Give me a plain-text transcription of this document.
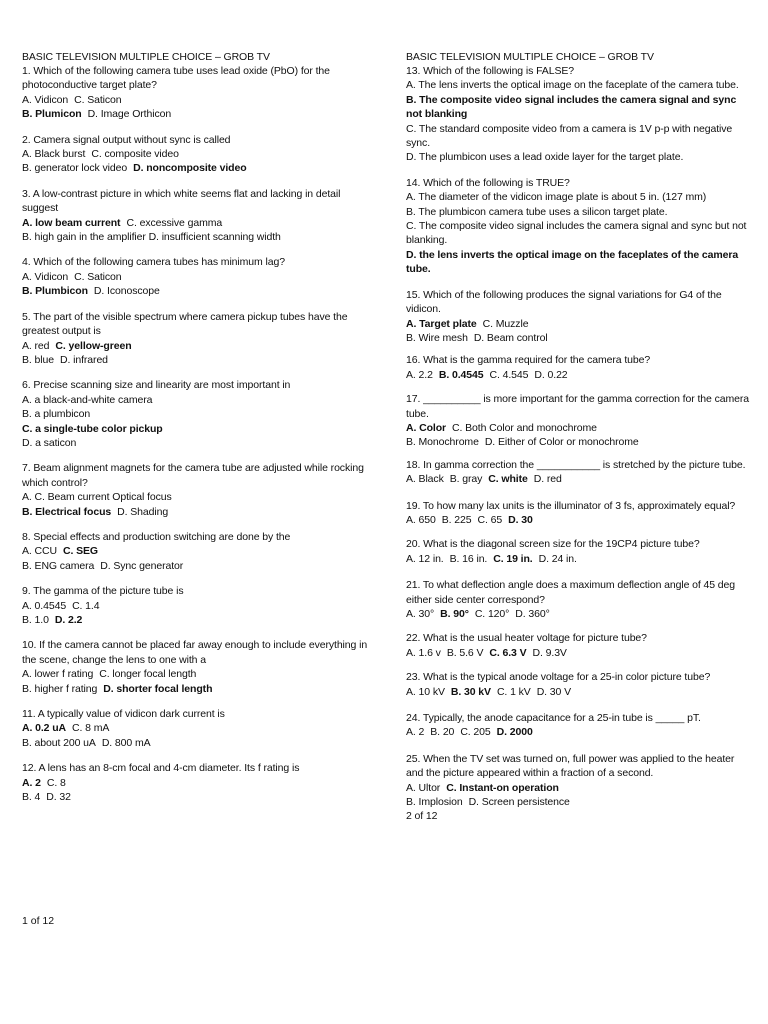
BASIC TELEVISION MULTIPLE CHOICE – GROB TV

1. Which of the following camera tube uses lead oxide (PbO) for the photoconductive target plate?

A. Vidicon C. Saticon
B. Plumicon D. Image Orthicon

2. Camera signal output without sync is called

A. Black burst C. composite video
B. generator lock video D. noncomposite video

3. A low-contrast picture in which white seems flat and lacking in detail suggest

A. low beam current C. excessive gamma
B. high gain in the amplifier D. insufficient scanning width

4. Which of the following camera tubes has minimum lag?

A. Vidicon C. Saticon
B. Plumbicon D. Iconoscope

5. The part of the visible spectrum where camera pickup tubes have the greatest output is

A. red C. yellow-green
B. blue D. infrared

6. Precise scanning size and linearity are most important in

A. a black-and-white camera
B. a plumbicon
C. a single-tube color pickup
D. a saticon

7. Beam alignment magnets for the camera tube are adjusted while rocking which control?

A. C. Beam current Optical focus
B. Electrical focus D. Shading

8. Special effects and production switching are done by the

A. CCU C. SEG
B. ENG camera D. Sync generator

9. The gamma of the picture tube is

A. 0.4545 C. 1.4
B. 1.0 D. 2.2

10. If the camera cannot be placed far away enough to include everything in the scene, change the lens to one with a

A. lower f rating C. longer focal length
B. higher f rating D. shorter focal length

11. A typically value of vidicon dark current is

A. 0.2 uA C. 8 mA
B. about 200 uA D. 800 mA

12. A lens has an 8-cm focal and 4-cm diameter. Its f rating is

A. 2 C. 8
B. 4 D. 32
BASIC TELEVISION MULTIPLE CHOICE – GROB TV

13. Which of the following is FALSE?

A. The lens inverts the optical image on the faceplate of the camera tube.
B. The composite video signal includes the camera signal and sync not blanking
C. The standard composite video from a camera is 1V p-p with negative sync.
D. The plumbicon uses a lead oxide layer for the target plate.

14. Which of the following is TRUE?

A. The diameter of the vidicon image plate is about 5 in. (127 mm)
B. The plumbicon camera tube uses a silicon target plate.
C. The composite video signal includes the camera signal and sync but not blanking.
D. the lens inverts the optical image on the faceplates of the camera tube.

15. Which of the following produces the signal variations for G4 of the vidicon.

A. Target plate C. Muzzle
B. Wire mesh D. Beam control

16. What is the gamma required for the camera tube?

A. 2.2 B. 0.4545 C. 4.545 D. 0.22

17. __________ is more important for the gamma correction for the camera tube.

A. Color C. Both Color and monochrome
B. Monochrome D. Either of Color or monochrome

18. In gamma correction the ___________ is stretched by the picture tube.

A. Black B. gray C. white D. red

19. To how many lax units is the illuminator of 3 fs, approximately equal?

A. 650 B. 225 C. 65 D. 30

20. What is the diagonal screen size for the 19CP4 picture tube?

A. 12 in. B. 16 in. C. 19 in. D. 24 in.

21. To what deflection angle does a maximum deflection angle of 45 deg either side center correspond?

A. 30° B. 90° C. 120° D. 360°

22. What is the usual heater voltage for picture tube?

A. 1.6 v B. 5.6 V C. 6.3 V D. 9.3V

23. What is the typical anode voltage for a 25-in color picture tube?

A. 10 kV B. 30 kV C. 1 kV D. 30 V

24. Typically, the anode capacitance for a 25-in tube is _____ pT.

A. 2 B. 20 C. 205 D. 2000

25. When the TV set was turned on, full power was applied to the heater and the picture appeared within a fraction of a second.

A. Ultor C. Instant-on operation
B. Implosion D. Screen persistence
2 of 12
1 of 12
